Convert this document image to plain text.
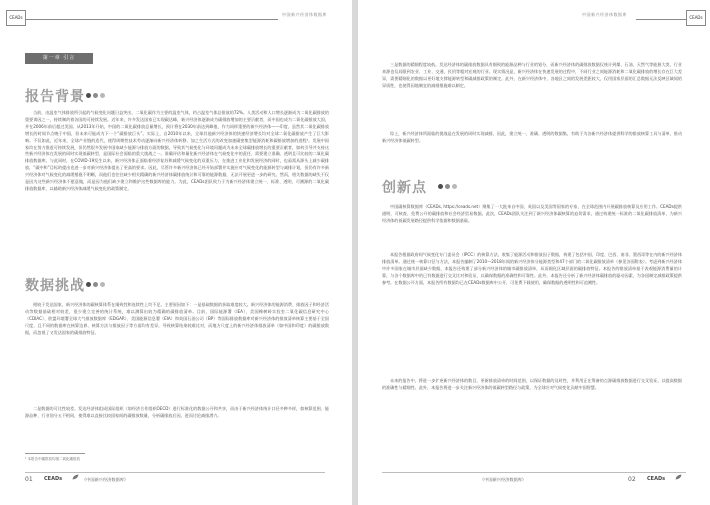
CEADs
中国新兴经济体数据库
第一章 引言
报告背景

当前，由温室气体排放所引起的气候变化问题日益突出，二氧化碳作为主要的温室气体，约占温室气体总排放的72%。人类活动和人口增长逐渐成为二氧化碳排放的重要诱因之一，持续制约着各国的可持续发展。近年来，许多发达国家已实现碳达峰，新兴经济体逐渐成为碳排放增加的主要贡献者，而中国也成为二氧化碳排放大国，并在2006年前后超过美国。从2013年开始，中国的二氧化碳排放总量增长，预计将在2030年前达到峰值，作为同样重要的新兴经济体——印度，虽然其二氧化碳排放增长的时间节点晚于中国，但未来可能成为下一个“碳排放巨头”。实际上，自2010年以来，全球其他新兴经济体的快速经济增长均对全球二氧化碳排放产生了巨大影响。不仅如此，近年来，全球产业链的迭代，使得周期性技术劳动逐渐向新兴经济体转移，加之生活方式的改变加速碳密集型能源消耗和碳排放增加的进程¹。发展中国家均在努力推进可持续发展，但仍然很多发展中国家缺少能源与排放方面的数据，导致其气候变化与环境问题成为未来全球碳排放增长的重要贡献者，如何引导并支持这些新兴经济体在发展的同时实现低碳转型，是国际社会面临的重大挑战之一。准确评估和量化新兴经济体在气候变化中的责任，需要建立准确、透明且可比较的二氧化碳排放数据库。与此同时，在COVID-19发生以来，新兴经济体正面临着经济复苏和减缓气候变化的双重压力，在推进工业化和发展经济的同时，也亟需从源头上减少碳排放，“碳中和”目标的提出也进一步对新兴经济体提出了更高的要求。因此，尽管许多新兴经济体已经开始部署并实施应对气候变化的能源转型与减排计划，但仍有许多新兴经济体对气候变化的减缓措施不明晰，而他们也往往缺少相关精确的新兴经济体碳排放统计和可靠的能源数据，无法开展更进一步的研究。然而，相关数据的缺失不仅是因为这些新兴经济体不愿意做，而是因为他们缺少建立和维护这些数据库的能力。为此，CEADs团队致力于为新兴经济体建立统一、标准、透明、可溯源的二氧化碳排放数据库，以辅助新兴经济体减缓气候变化的政策制定。

数据挑战

相较于发达国家，新兴经济体的碳核算体系在细致性和连续性上均不足。主要原因如下：一是基础数据的获取难度较大。新兴经济体的能源消费、排放因子和经济活动等数据基础相对较差，很少建立完善的统计系统，难以测算出较为精确的碳排放清单。目前，国际能源署（IEA）、美国橡树岭实验室二氧化碳信息研究中心（CDIAC）、欧盟环境署全球大气排放数据库（EDGAR）、美国能源信息署（EIA）和英国石油公司（BP）等国际排放数据库对新兴经济体的排放清单核算主要基于全国尺度，且不同的数据库在核算边界、核算方法与排放因子等方面均有差异，导致核算结果较难比对，而地方尺度上的新兴经济体排放清单（如中国和印度）的碳排放数据，而忽视了又发达国家的碳排放特征。

二是数据的可比性较差。发达经济体组成国际组织（如经济合作组织OECD）进行标准化的数据公开和共享，而由于新兴经济体统计口径多种多样，如核算范围、能源品种、行业划分五不相同，使得难以直接比较国家间的碳排放数量，分析碳排放后因，进而讨论减排潜力。

¹ 本报告中碳排放均指二氧化碳排放
01 CEADs	《中国新兴经济数据库》
中国新兴经济体数据库
CEADs

三是数据的精细程度较低。发达经济体的碳排放数据具有细致的能源品种与行业的划分，而新兴经济体的碳排放数据仅统计到煤、石油、天然气等能源大类，行业来源也仅局限到农业、工业、交通、民用等粗对宏观的行业。现实情况是，新兴经济体在快速发展的过程中，不同行业之间能源消耗和二氧化碳排放的增长存在巨大差异，需要精细化的数据以更好地支撑能源转型和碳减排政策的制定。此外，在新兴经济体中，各地区之间的发展差距较大，仅用国家层面的汇总数据无法反映区域间的异质性，也使得因地制宜的减排措施难以制定。

综上，新兴经济体所面临的挑战是在发展的同时实现减排，因此，建立统一、准确、透明的数据集，有助于为各新兴经济体提供科学的排放核算工具与清单，推动新兴经济体低碳转型。

创新点

中国碳核算数据库（CEADs, https://ceads.net）聚集了一大批来自中国、英国以及美国等国家的专家，在全球范围内开展碳排放核算及应用工作。CEADs提供通明、可核查、免费公开的碳排放和社会经济贸易数据。此次，CEADs团队关注到了新兴经济体碳核算的迫切需求，通过构建统一标准的二氧化碳排放清单，为新兴经济体的低碳发展路径提供科学依据和数据基础。

本报告根据政府间气候变化专门委员会（IPCC）的核算方法，收集了能源活动和排放因子数据，构建了包括中国、印度、巴西、南非、墨西哥等在内的新兴经济体排放清单。通过统一核算口径与方法，本报告编制了2010—2018年间的新兴经济体分能源类型和47个部门的二氧化碳排放清单（参见各国附表）。考虑到新兴经济体中许多国家在城市层面缺少数据，本报告还构建了部分新兴经济体的城市碳排放清单，从而细化区域层面的碳排放特征。本报告的排放清单基于表观能源消费量的计算，与各个数据库中的已有数据进行交叉比对和验证，以确保数据的准确性和可靠性。此外，本报告还分析了新兴经济体碳排放的驱动因素，为各国制定减排政策提供参考。在数据公开方面，本报告所有数据均已在CEADs数据库中公开，可免费下载使用，确保数据的透明性和可追溯性。

未来的报告中，将进一步扩充新兴经济体的数目，更新排放清单的时间范围，以保证数据的及时性，并利用正在筹备的点源碳排放数据进行交叉验证，以提高数据的准确性与精细性。此外，本报告将进一步关注新兴经济体的低碳转型路径与政策，为全球应对气候变化贡献中国智慧。

《中国新兴经济数据库》	02 CEADs
